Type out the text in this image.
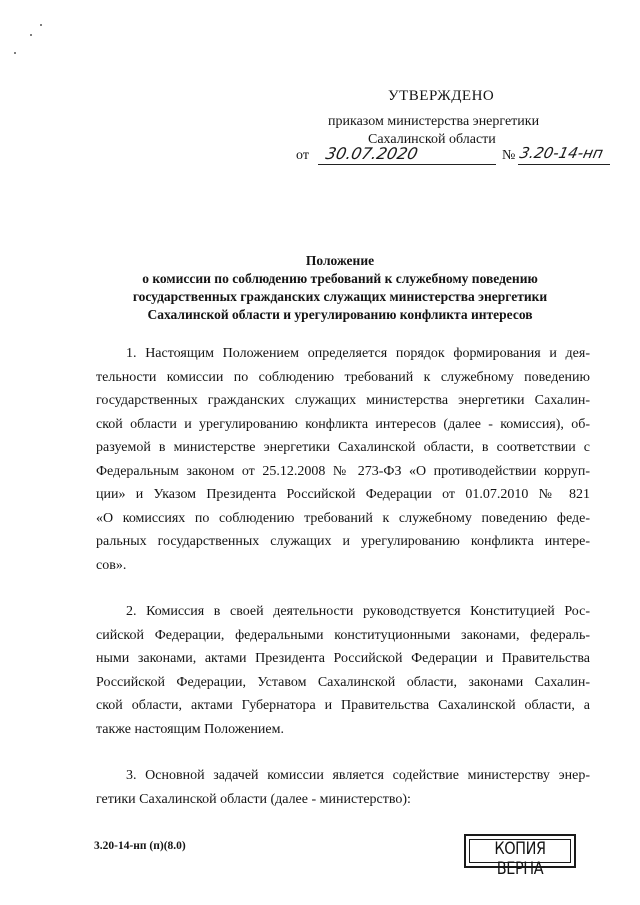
УТВЕРЖДЕНО
приказом министерства энергетики
Сахалинской области
от 30.07.2020	№ 3.20-14-нп
Положение
о комиссии по соблюдению требований к служебному поведению
государственных гражданских служащих министерства энергетики
Сахалинской области и урегулированию конфликта интересов
1. Настоящим Положением определяется порядок формирования и дея-
тельности комиссии по соблюдению требований к служебному поведению
государственных гражданских служащих министерства энергетики Сахалин-
ской области и урегулированию конфликта интересов (далее - комиссия), об-
разуемой в министерстве энергетики Сахалинской области, в соответствии с
Федеральным законом от 25.12.2008 № 273-ФЗ «О противодействии корруп-
ции» и Указом Президента Российской Федерации от 01.07.2010 № 821
«О комиссиях по соблюдению требований к служебному поведению феде-
ральных государственных служащих и урегулированию конфликта интере-
сов».
2. Комиссия в своей деятельности руководствуется Конституцией Рос-
сийской Федерации, федеральными конституционными законами, федераль-
ными законами, актами Президента Российской Федерации и Правительства
Российской Федерации, Уставом Сахалинской области, законами Сахалин-
ской области, актами Губернатора и Правительства Сахалинской области, а
также настоящим Положением.
3. Основной задачей комиссии является содействие министерству энер-
гетики Сахалинской области (далее - министерство):
3.20-14-нп (п)(8.0)	КОПИЯ ВЕРНА
